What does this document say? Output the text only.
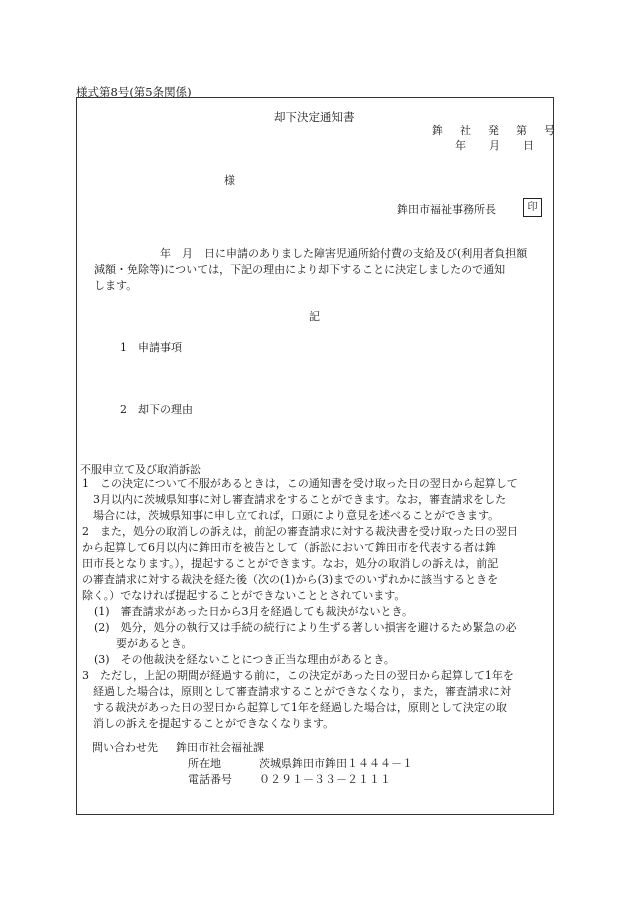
様式第8号(第5条関係)
却下決定通知書
鉾　社　発　第　号
年 月 日
様
鉾田市福祉事務所長	印
　　　　　　年　月　日に申請のありました障害児通所給付費の支給及び(利用者負担額
減額・免除等)については，下記の理由により却下することに決定しましたので通知
します。
記
1　申請事項
2　却下の理由
不服申立て及び取消訴訟
1　この決定について不服があるときは，この通知書を受け取った日の翌日から起算して
　3月以内に茨城県知事に対し審査請求をすることができます。なお，審査請求をした
　場合には，茨城県知事に申し立てれば，口頭により意見を述べることができます。
2　また，処分の取消しの訴えは，前記の審査請求に対する裁決書を受け取った日の翌日
から起算して6月以内に鉾田市を被告として（訴訟において鉾田市を代表する者は鉾
田市長となります。），提起することができます。なお，処分の取消しの訴えは，前記
の審査請求に対する裁決を経た後（次の(1)から(3)までのいずれかに該当するときを
除く。）でなければ提起することができないこととされています。
(1)　審査請求があった日から3月を経過しても裁決がないとき。
(2)　処分，処分の執行又は手続の続行により生ずる著しい損害を避けるため緊急の必
　　要があるとき。
(3)　その他裁決を経ないことにつき正当な理由があるとき。
3　ただし，上記の期間が経過する前に，この決定があった日の翌日から起算して1年を
　経過した場合は，原則として審査請求することができなくなり，また，審査請求に対
　する裁決があった日の翌日から起算して1年を経過した場合は，原則として決定の取
　消しの訴えを提起することができなくなります。
問い合わせ先 鉾田市社会福祉課
所在地	茨城県鉾田市鉾田１４４４－１
電話番号 ０２９１－３３－２１１１
